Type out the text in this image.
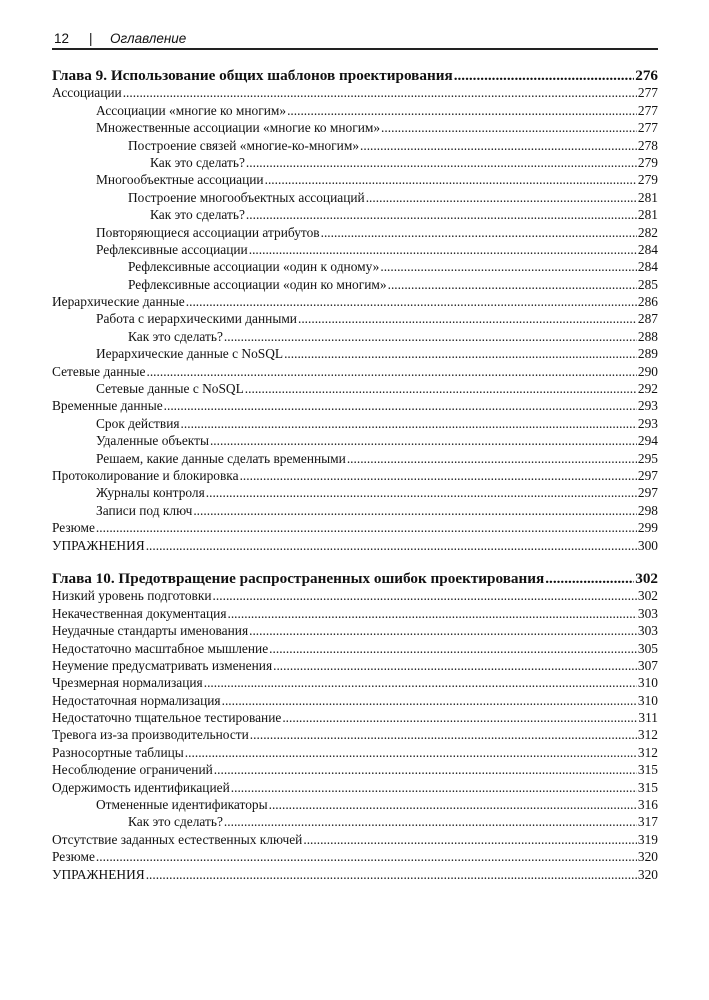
12 | Оглавление
Глава 9. Использование общих шаблонов проектирования .....	276
Ассоциации .....	277
Ассоциации «многие ко многим» .....	277
Множественные ассоциации «многие ко многим» .....	277
Построение связей «многие-ко-многим» .....	278
Как это сделать? .....	279
Многообъектные ассоциации .....	279
Построение многообъектных ассоциаций .....	281
Как это сделать? .....	281
Повторяющиеся ассоциации атрибутов .....	282
Рефлексивные ассоциации .....	284
Рефлексивные ассоциации «один к одному» .....	284
Рефлексивные ассоциации «один ко многим» .....	285
Иерархические данные .....	286
Работа с иерархическими данными .....	287
Как это сделать? .....	288
Иерархические данные с NoSQL .....	289
Сетевые данные .....	290
Сетевые данные с NoSQL .....	292
Временные данные .....	293
Срок действия .....	293
Удаленные объекты .....	294
Решаем, какие данные сделать временными .....	295
Протоколирование и блокировка .....	297
Журналы контроля .....	297
Записи под ключ .....	298
Резюме .....	299
УПРАЖНЕНИЯ .....	300
Глава 10. Предотвращение распространенных ошибок проектирования .....	302
Низкий уровень подготовки .....	302
Некачественная документация .....	303
Неудачные стандарты именования .....	303
Недостаточно масштабное мышление .....	305
Неумение предусматривать изменения .....	307
Чрезмерная нормализация .....	310
Недостаточная нормализация .....	310
Недостаточно тщательное тестирование .....	311
Тревога из-за производительности .....	312
Разносортные таблицы .....	312
Несоблюдение ограничений .....	315
Одержимость идентификацией .....	315
Отмененные идентификаторы .....	316
Как это сделать? .....	317
Отсутствие заданных естественных ключей .....	319
Резюме .....	320
УПРАЖНЕНИЯ .....	320
